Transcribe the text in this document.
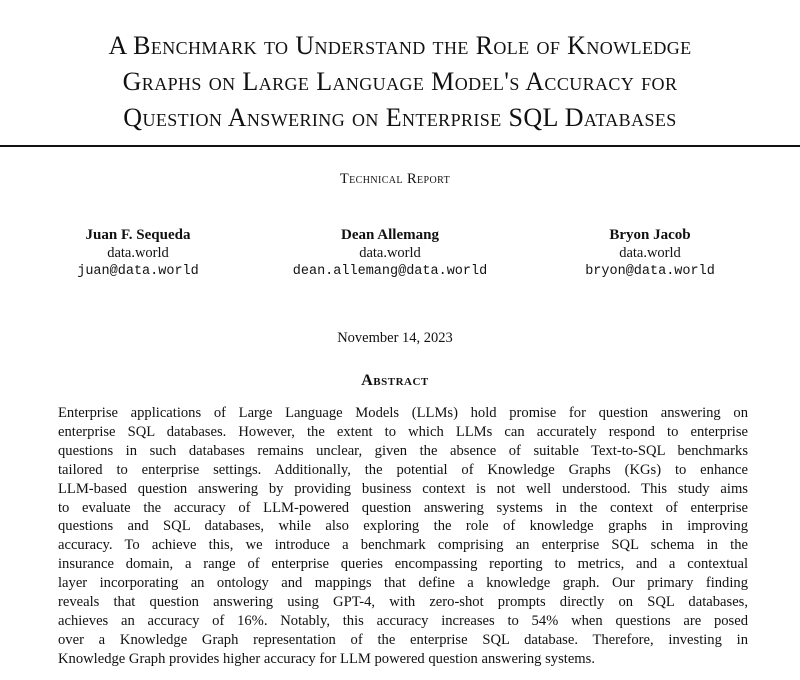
A Benchmark to Understand the Role of Knowledge
Graphs on Large Language Model's Accuracy for
Question Answering on Enterprise SQL Databases
Technical Report
Juan F. Sequeda
data.world
juan@data.world
Dean Allemang
data.world
dean.allemang@data.world
Bryon Jacob
data.world
bryon@data.world
November 14, 2023
Abstract
Enterprise applications of Large Language Models (LLMs) hold promise for question answering on
enterprise SQL databases. However, the extent to which LLMs can accurately respond to enterprise
questions in such databases remains unclear, given the absence of suitable Text-to-SQL benchmarks
tailored to enterprise settings. Additionally, the potential of Knowledge Graphs (KGs) to enhance
LLM-based question answering by providing business context is not well understood. This study aims
to evaluate the accuracy of LLM-powered question answering systems in the context of enterprise
questions and SQL databases, while also exploring the role of knowledge graphs in improving
accuracy. To achieve this, we introduce a benchmark comprising an enterprise SQL schema in the
insurance domain, a range of enterprise queries encompassing reporting to metrics, and a contextual
layer incorporating an ontology and mappings that define a knowledge graph. Our primary finding
reveals that question answering using GPT-4, with zero-shot prompts directly on SQL databases,
achieves an accuracy of 16%. Notably, this accuracy increases to 54% when questions are posed
over a Knowledge Graph representation of the enterprise SQL database. Therefore, investing in
Knowledge Graph provides higher accuracy for LLM powered question answering systems.
